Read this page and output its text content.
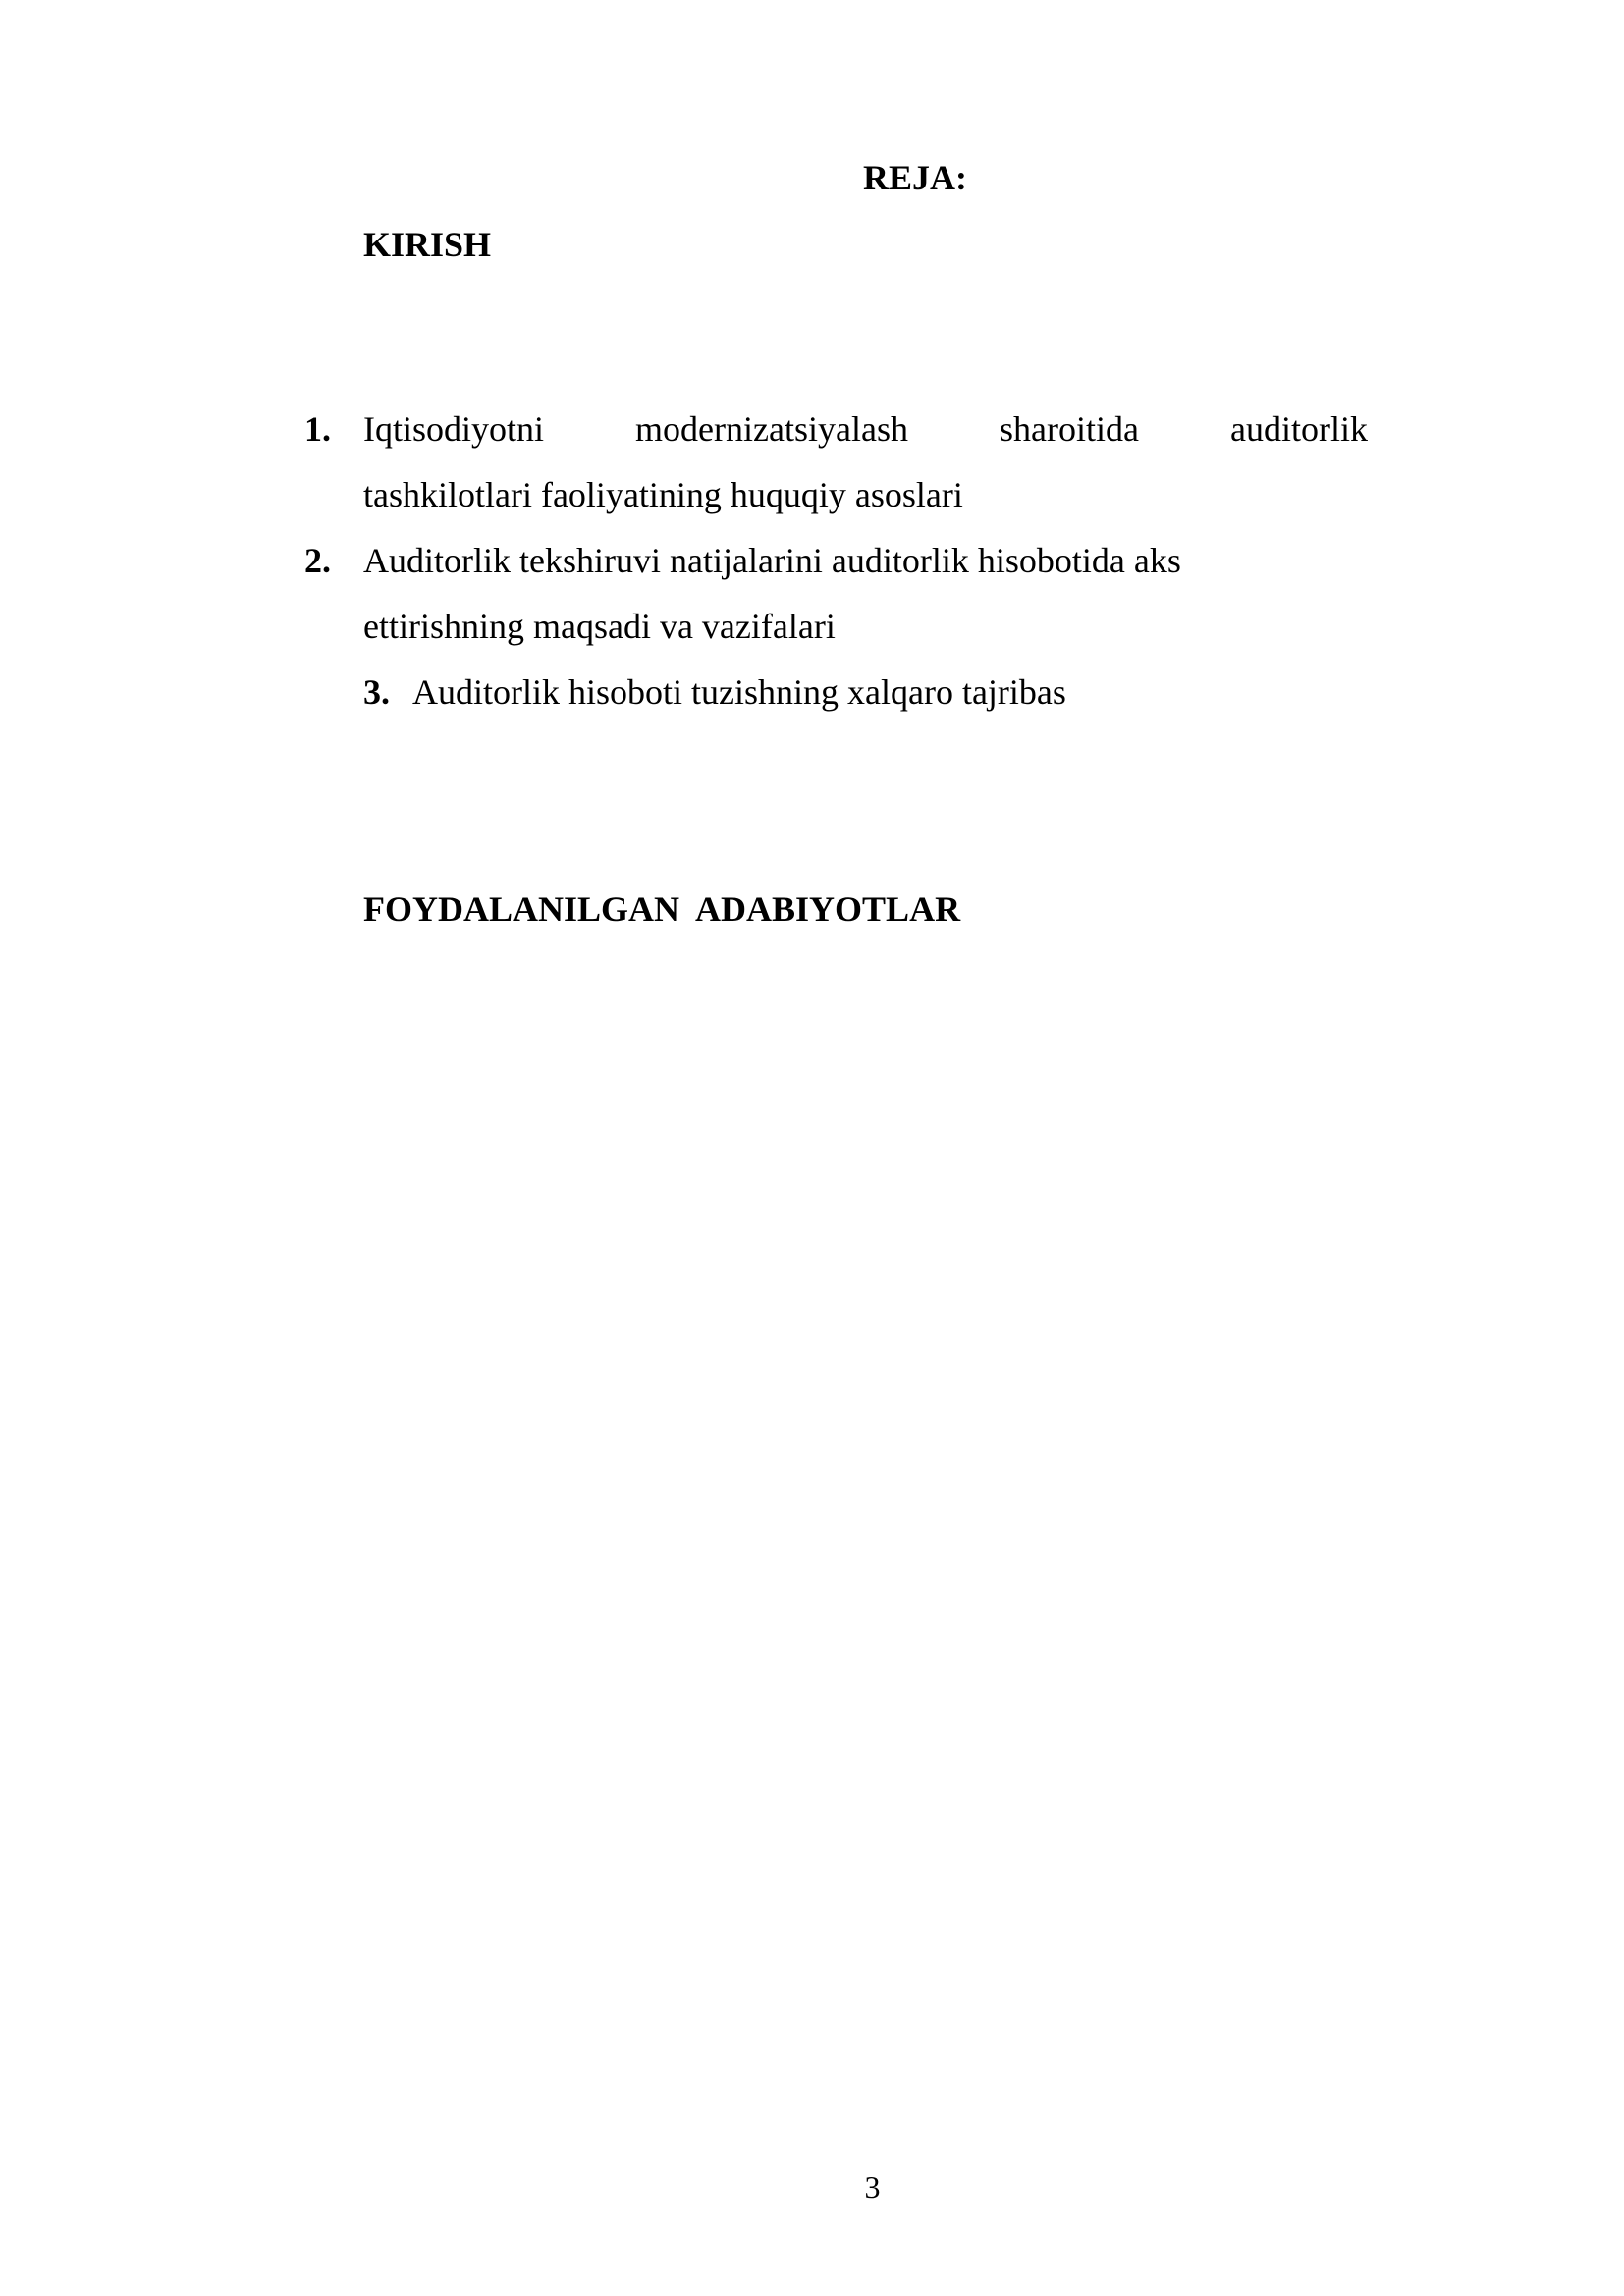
REJA:
KIRISH
1. Iqtisodiyotni modernizatsiyalash sharoitida auditorlik
tashkilotlari faoliyatining huquqiy asoslari
2. Auditorlik tekshiruvi natijalarini auditorlik hisobotida aks
ettirishning maqsadi va vazifalari
3. Auditorlik hisoboti tuzishning xalqaro tajribas
FOYDALANILGAN  ADABIYOTLAR
3
